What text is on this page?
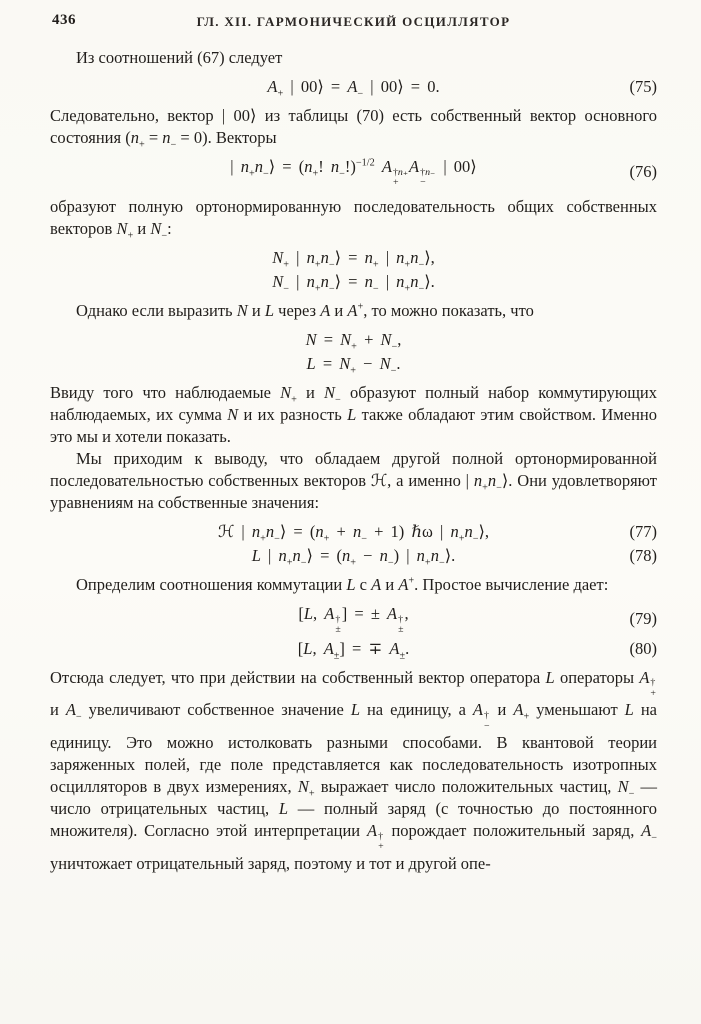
436	ГЛ. XII. ГАРМОНИЧЕСКИЙ ОСЦИЛЛЯТОР

Из соотношений (67) следует

$A_+$ | 00⟩ = $A_-$ | 00⟩ = 0.	(75)

Следовательно, вектор | 00⟩ из таблицы (70) есть собственный вектор основного состояния $(n_+ = n_- = 0)$. Векторы

| $n_+n_-⟩ = (n_+$! $n_-!)^{-1/2}$ A †n₊
+
A †n₋
−
| 00⟩	(76)

образуют полную ортонормированную последовательность общих собственных векторов $N_+$ и $N_-$:

$N_+$ | $n_+n_-⟩ = n_+$ | $n_+n_-⟩$,
$N_-$ | $n_+n_-⟩ = n_-$ | $n_+n_-⟩$.

Однако если выразить N и L через A и A+, то можно показать, что

$N = N_+ + N_-$,
$L = N_+ - N_-$.

Ввиду того что наблюдаемые $N_+$ и $N_-$ образуют полный набор коммутирующих наблюдаемых, их сумма N и их разность L также обладают этим свойством. Именно это мы и хотели показать.

Мы приходим к выводу, что обладаем другой полной ортонормированной последовательностью собственных векторов ℋ, а именно | $n_+n_-⟩$. Они удовлетворяют уравнениям на собственные значения:

ℋ | $n_+n_-⟩ = (n_+ + n_- + 1)$ ℏω | $n_+n_-⟩$,	(77)
L | $n_+n_-⟩ = (n_+ - n_-)$ | $n_+n_-⟩$.	(78)

Определим соотношения коммутации L с A и A+. Простое вычисление дает:

[L, A †
±
] = ± A †
±
,	(79)
[L, $A_\pm$] = ∓ $A_\pm$.	(80)

Отсюда следует, что при действии на собственный вектор оператора L операторы A †
+
и $A_-$ увеличивают собственное значение L на единицу, а A †
−
и $A_+$ уменьшают L на единицу. Это можно истолковать разными способами. В квантовой теории заряженных полей, где поле представляется как последовательность изотропных осцилляторов в двух измерениях, $N_+$ выражает число положительных частиц, $N_-$ — число отрицательных частиц, L — полный заряд (с точностью до постоянного множителя). Согласно этой интерпретации A †
+
порождает положительный заряд, $A_-$ уничтожает отрицательный заряд, поэтому и тот и другой опе-
